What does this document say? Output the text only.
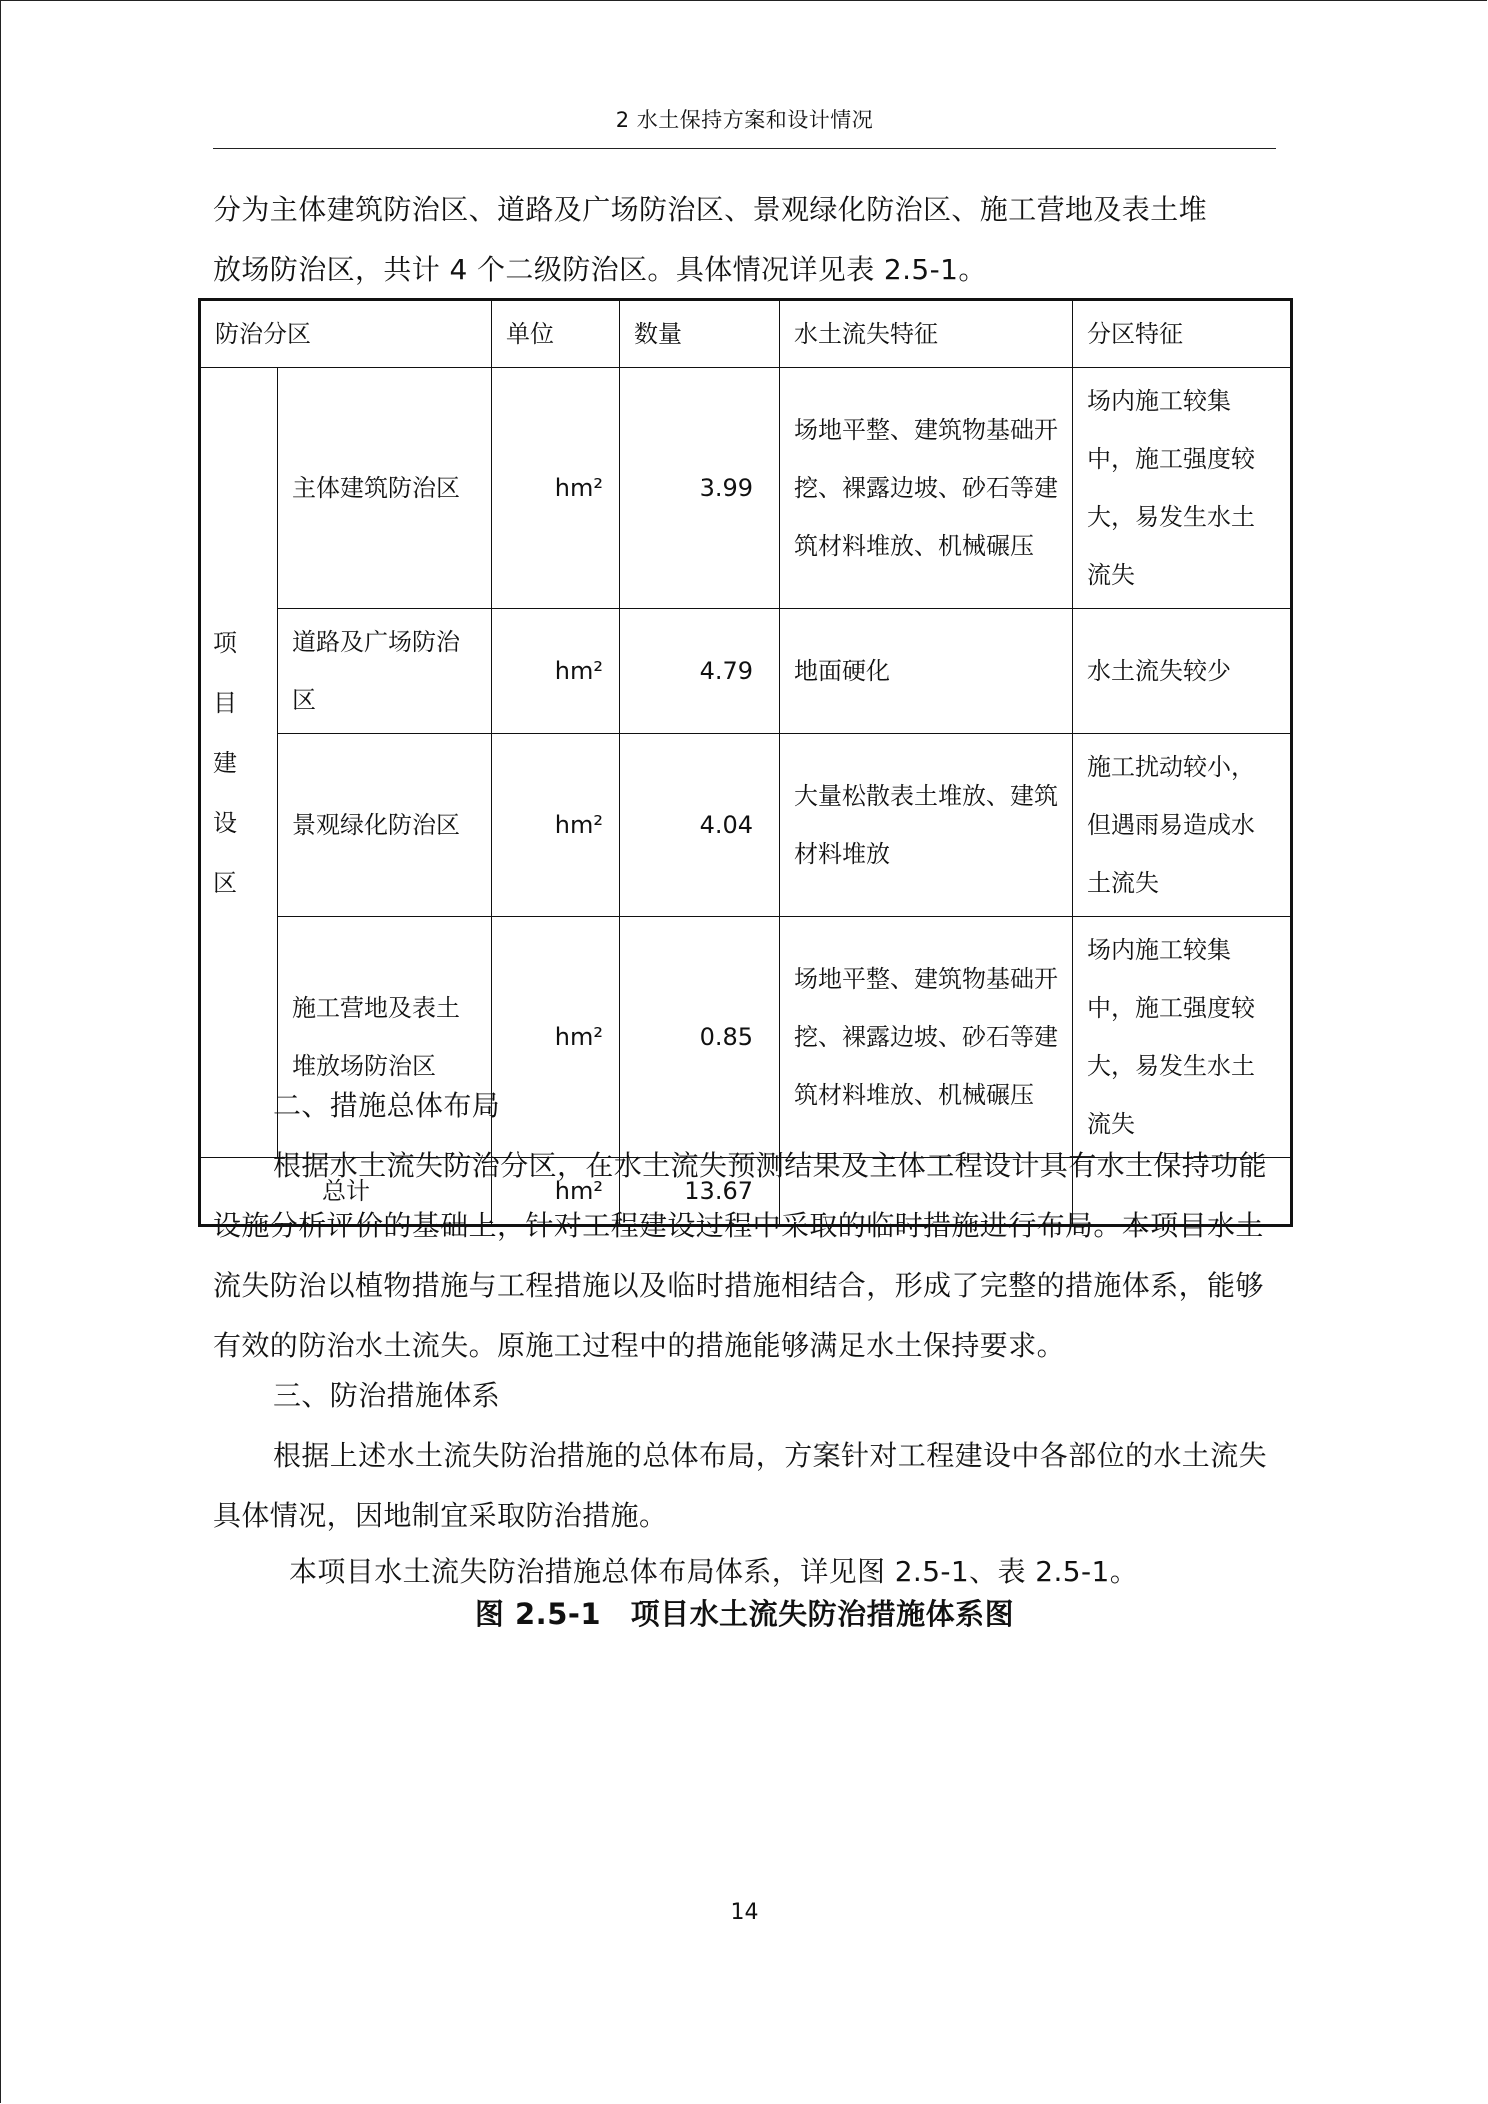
2 水土保持方案和设计情况
分为主体建筑防治区、道路及广场防治区、景观绿化防治区、施工营地及表土堆
放场防治区，共计 4 个二级防治区。具体情况详见表 2.5-1。
防治分区		单位	数量	水土流失特征	分区特征
项目建设区	主体建筑防治区	hm²	3.99	场地平整、建筑物基础开挖、裸露边坡、砂石等建筑材料堆放、机械碾压	场内施工较集中，施工强度较大，易发生水土流失
	道路及广场防治区	hm²	4.79	地面硬化	水土流失较少
	景观绿化防治区	hm²	4.04	大量松散表土堆放、建筑材料堆放	施工扰动较小，但遇雨易造成水土流失
	施工营地及表土堆放场防治区	hm²	0.85	场地平整、建筑物基础开挖、裸露边坡、砂石等建筑材料堆放、机械碾压	场内施工较集中，施工强度较大，易发生水土流失
总计		hm²	13.67		
二、措施总体布局
根据水土流失防治分区，在水土流失预测结果及主体工程设计具有水土保持功能设施分析评价的基础上，针对工程建设过程中采取的临时措施进行布局。本项目水土流失防治以植物措施与工程措施以及临时措施相结合，形成了完整的措施体系，能够有效的防治水土流失。原施工过程中的措施能够满足水土保持要求。
三、防治措施体系
根据上述水土流失防治措施的总体布局，方案针对工程建设中各部位的水土流失具体情况，因地制宜采取防治措施。
本项目水土流失防治措施总体布局体系，详见图 2.5-1、表 2.5-1。
图 2.5-1　项目水土流失防治措施体系图
14
